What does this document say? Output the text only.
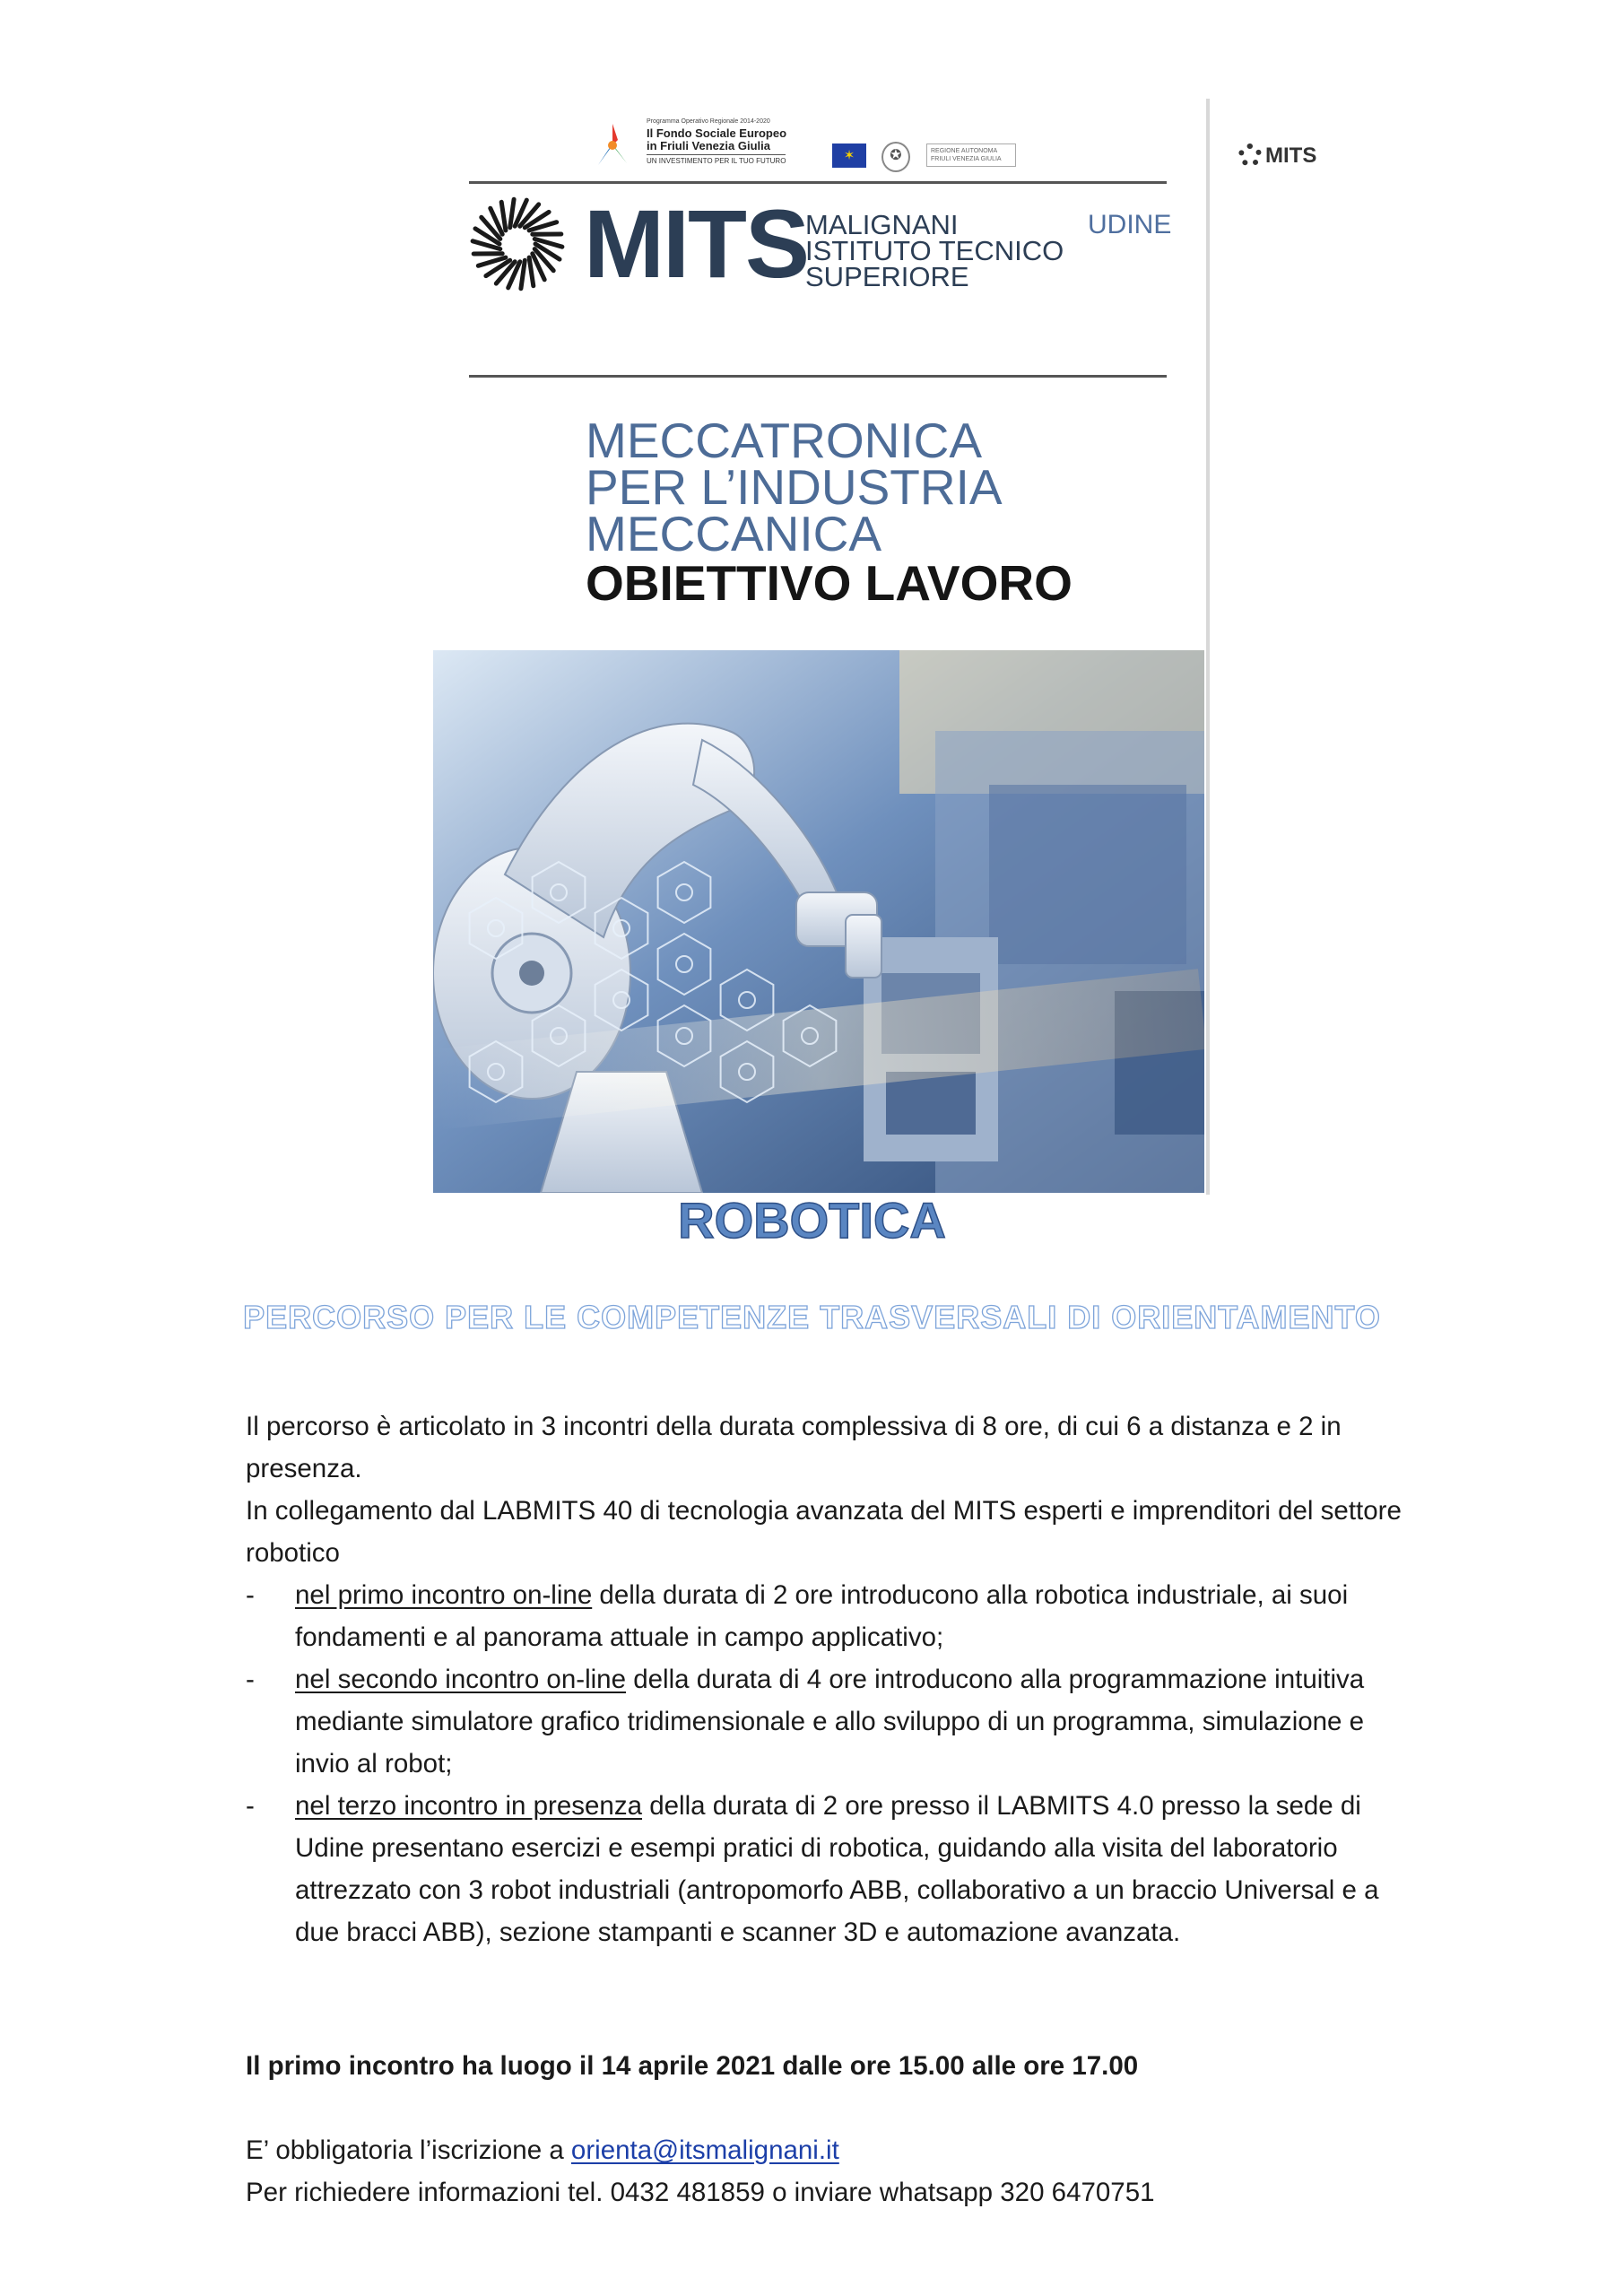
Programma Operativo Regionale 2014-2020
Il Fondo Sociale Europeo
in Friuli Venezia Giulia
UN INVESTIMENTO PER IL TUO FUTURO	✶	✪	REGIONE AUTONOMA FRIULI VENEZIA GIULIA	MITS
MITS
MALIGNANI
ISTITUTO TECNICO
SUPERIORE
UDINE
MECCATRONICA
PER L’INDUSTRIA
MECCANICA
OBIETTIVO LAVORO
ROBOTICA
PERCORSO PER LE COMPETENZE TRASVERSALI DI ORIENTAMENTO

Il percorso è articolato in 3 incontri della durata complessiva di 8 ore, di cui 6 a distanza e 2 in presenza.

In collegamento dal LABMITS 40 di tecnologia avanzata del MITS esperti e imprenditori del settore robotico

- nel primo incontro on-line della durata di 2 ore introducono alla robotica industriale, ai suoi fondamenti e al panorama attuale in campo applicativo;
- nel secondo incontro on-line della durata di 4 ore introducono alla programmazione intuitiva mediante simulatore grafico tridimensionale e allo sviluppo di un programma, simulazione e invio al robot;
- nel terzo incontro in presenza della durata di 2 ore presso il LABMITS 4.0 presso la sede di Udine presentano esercizi e esempi pratici di robotica, guidando alla visita del laboratorio attrezzato con 3 robot industriali (antropomorfo ABB, collaborativo a un braccio Universal e a due bracci ABB), sezione stampanti e scanner 3D e automazione avanzata.
Il primo incontro ha luogo il 14 aprile 2021 dalle ore 15.00 alle ore 17.00

E’ obbligatoria l’iscrizione a orienta@itsmalignani.it

Per richiedere informazioni tel. 0432 481859 o inviare whatsapp 320 6470751
